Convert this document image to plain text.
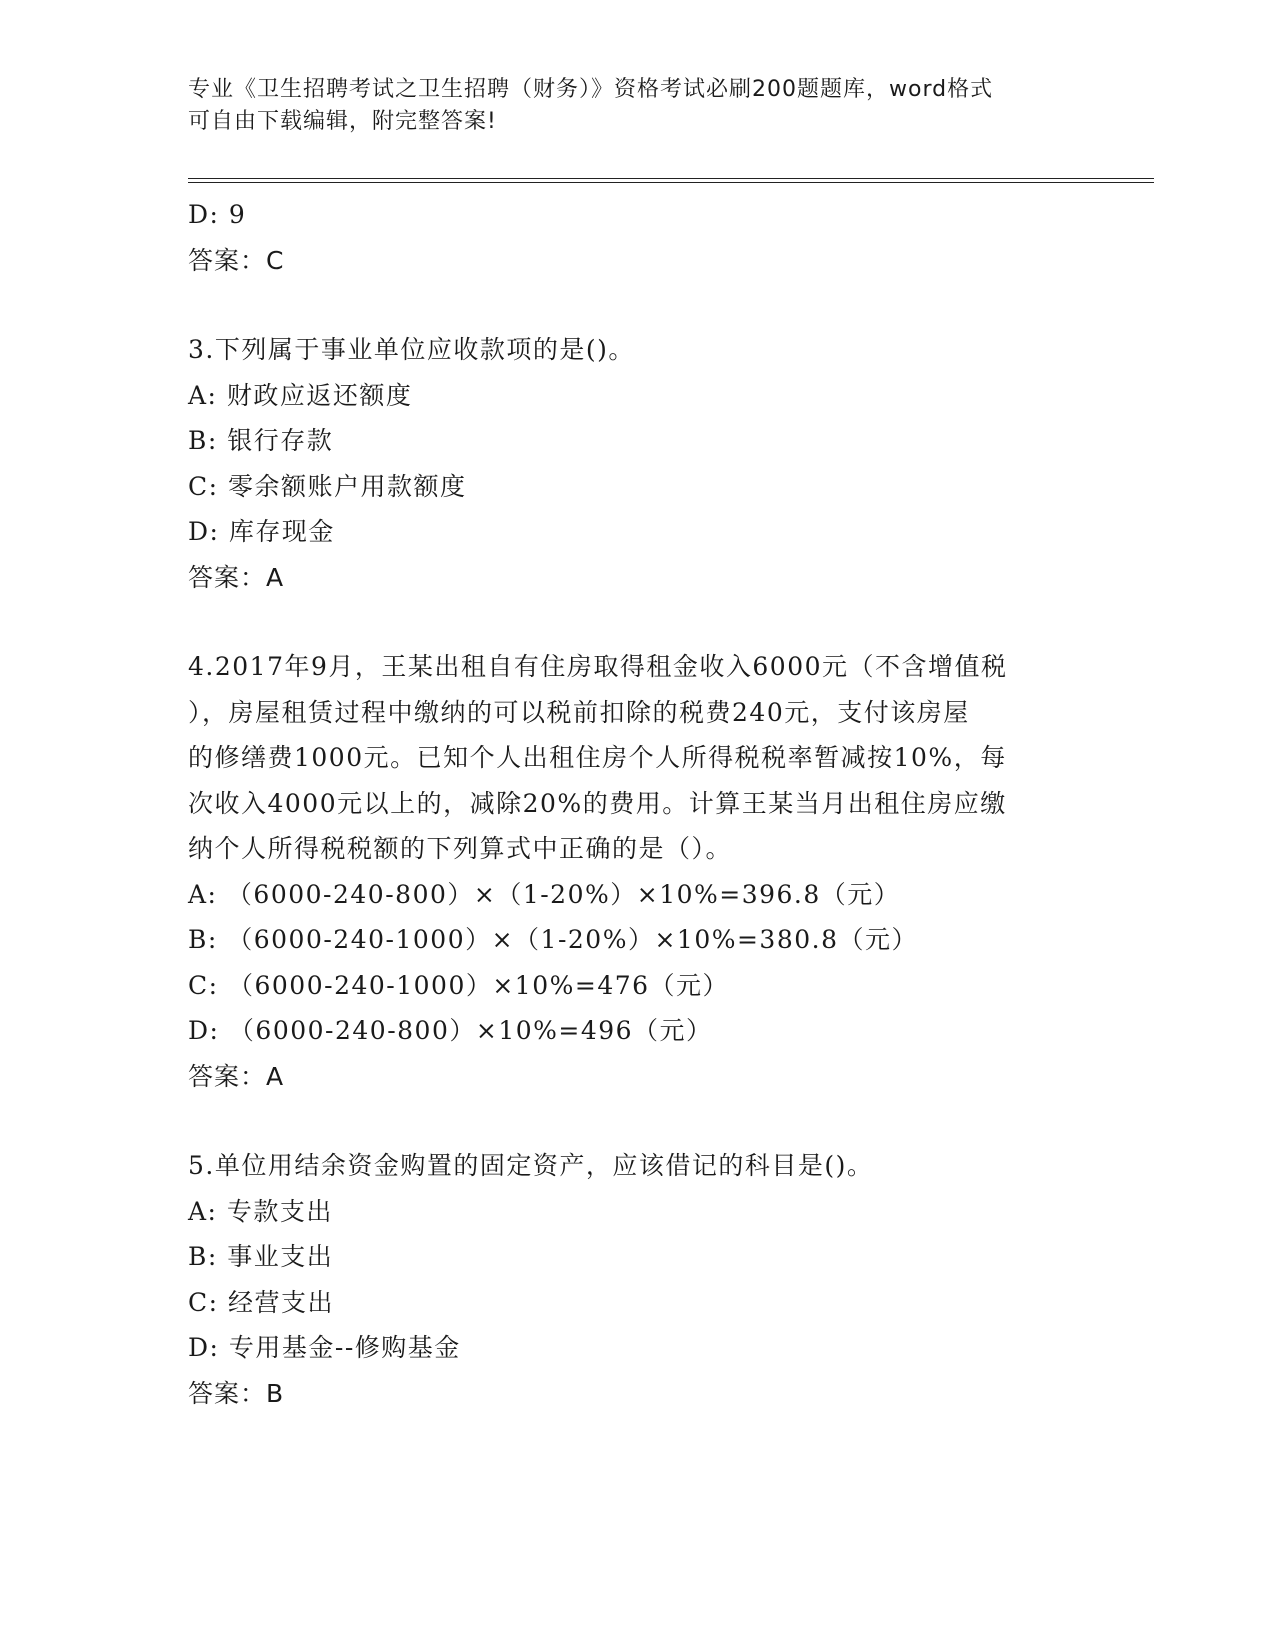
专业《卫生招聘考试之卫生招聘（财务）》资格考试必刷200题题库，word格式
可自由下载编辑，附完整答案!
D: 9
答案：C
3.下列属于事业单位应收款项的是()。
A: 财政应返还额度
B: 银行存款
C: 零余额账户用款额度
D: 库存现金
答案：A
4.2017年9月，王某出租自有住房取得租金收入6000元（不含增值税
），房屋租赁过程中缴纳的可以税前扣除的税费240元，支付该房屋
的修缮费1000元。已知个人出租住房个人所得税税率暂减按10%，每
次收入4000元以上的，减除20%的费用。计算王某当月出租住房应缴
纳个人所得税税额的下列算式中正确的是（）。
A: （6000-240-800）×（1-20%）×10%=396.8（元）
B: （6000-240-1000）×（1-20%）×10%=380.8（元）
C: （6000-240-1000）×10%=476（元）
D: （6000-240-800）×10%=496（元）
答案：A
5.单位用结余资金购置的固定资产，应该借记的科目是()。
A: 专款支出
B: 事业支出
C: 经营支出
D: 专用基金--修购基金
答案：B
